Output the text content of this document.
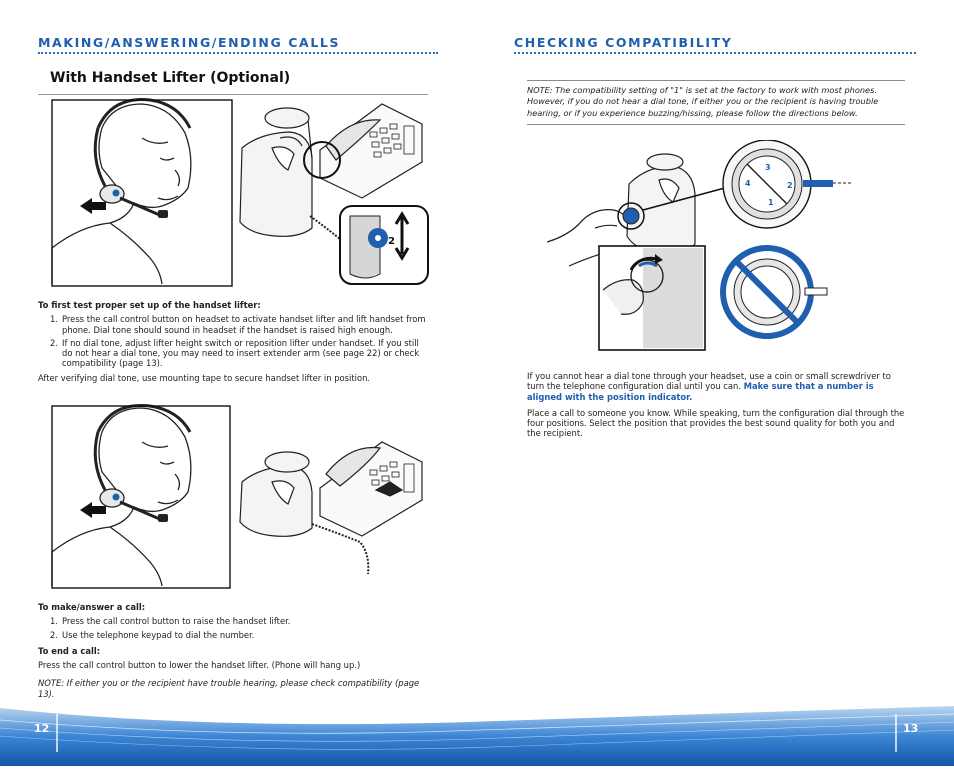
MAKING/ANSWERING/ENDING CALLS
With Handset Lifter (Optional)
2
To first test proper set up of the handset lifter:
1. Press the call control button on headset to activate handset lifter and lift handset from phone. Dial tone should sound in headset if the handset is raised high enough.
2. If no dial tone, adjust lifter height switch or reposition lifter under handset. If you still do not hear a dial tone, you may need to insert extender arm (see page 22) or check compatibility (page 13).

After verifying dial tone, use mounting tape to secure handset lifter in position.

To make/answer a call:
1. Press the call control button to raise the handset lifter.
2. Use the telephone keypad to dial the number.
To end a call:

Press the call control button to lower the handset lifter. (Phone will hang up.)

NOTE: If either you or the recipient have trouble hearing, please check compatibility (page 13).

CHECKING COMPATIBILITY
NOTE: The compatibility setting of "1" is set at the factory to work with most phones. However, if you do not hear a dial tone, if either you or the recipient is having trouble hearing, or if you experience buzzing/hissing, please follow the directions below.
1
2
3
4

If you cannot hear a dial tone through your headset, use a coin or small screwdriver to turn the telephone configuration dial until you can. Make sure that a number is aligned with the position indicator.

Place a call to someone you know. While speaking, turn the configuration dial through the four positions. Select the position that provides the best sound quality for both you and the recipient.

12	13
